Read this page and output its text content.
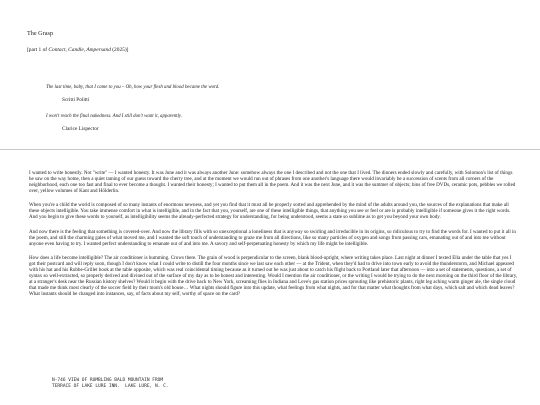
The Grasp
[part 1 of Contact, Candle, Ampersand (2025)]
The last time, baby, that I came to you – Oh, how your flesh and blood became the word.
Scritti Politti
I won't reach the final nakedness. And I still don't want it, apparently.
Clarice Lispector

I wanted to write honestly. Not "write" — I wanted honesty. It was June and it was always another June: somehow always the one I described and not the one that I lived. The dinners ended slowly and carefully, with Solomon's list of things he saw on the way home, then a quiet taming of our guess toward the cherry tree, and at the moment we would run out of phrases from one another's language there would invariably be a succession of scents from all corners of the neighborhood, each one too fast and final to ever become a thought. I wanted their honesty; I wanted to put them all in the poem. And it was the next June, and it was the summer of objects; bins of free DVDs, ceramic pots, pebbles we rolled over, yellow volumes of Kant and Hölderlin.

When you're a child the world is composed of so many instants of enormous newness, and yet you find that it must all be properly sorted and apprehended by the mind of the adults around you, the sources of the explanations that make all these objects intelligible. You take immense comfort in what is intelligible, and in the fact that you, yourself, are one of these intelligible things, that anything you see or feel or are is probably intelligible if someone gives it the right words. And you begin to give these words to yourself, as intelligibility seems the already-perfected strategy for understanding, for being understood, seems a state so sublime as to get you beyond your own body.

And now there is the feeling that something is covered-over. And now the library fills with so unexceptional a loneliness that is anyway so swirling and irreducible in its origins, so ridiculous to try to find the words for. I wanted to put it all in the poem, and still the charming gales of what moved me, and I wanted the soft touch of understanding to graze me from all directions, like so many particles of oxygen and songs from passing cars, emanating out of and into me without anyone even having to try. I wanted perfect understanding to emanate out of and into me. A savory and self-perpetuating honesty by which my life might be intelligible.

How does a life become intelligible? The air conditioner is humming. Crows there. The grain of wood is perpendicular to the screen, blank blood-upright, where writing takes place. Last night at dinner I texted Ella under the table that yes I got their postcard and will reply soon, though I don't know what I could write to distill the four months since we last saw each other — at the Trident, when they'd had to drive into town early to avoid the thunderstorm, and Michael appeared with his hat and his Robbe-Grillet book at the table opposite, which was real coincidental timing because as it turned out he was just about to catch his flight back to Portland later that afternoon — into a set of statements, questions, a set of syntax so well-extracted, so properly derived and divined out of the surface of my day as to be honest and interesting. Would I mention the air conditioner, or the writing I would be trying to do the next morning on the third floor of the library, at a stranger's desk near the Russian history shelves? Would it begin with the drive back to New York, screaming flies in Indiana and Love's gas station prices sprouting like prehistoric plants, right leg aching warm ginger ale, the single cloud that made me think most clearly of the soccer field by their mom's old house… What nights should figure into this update, what feelings from what nights, and for that matter what thoughts from what days, which salt and which dead leaves? What instants should be changed into instances, say, of facts about my self, worthy of space on the card?

N-746 VIEW OF RUMBLING BALD MOUNTAIN FROM
TERRACE OF LAKE LURE INN.  LAKE LURE, N. C.
